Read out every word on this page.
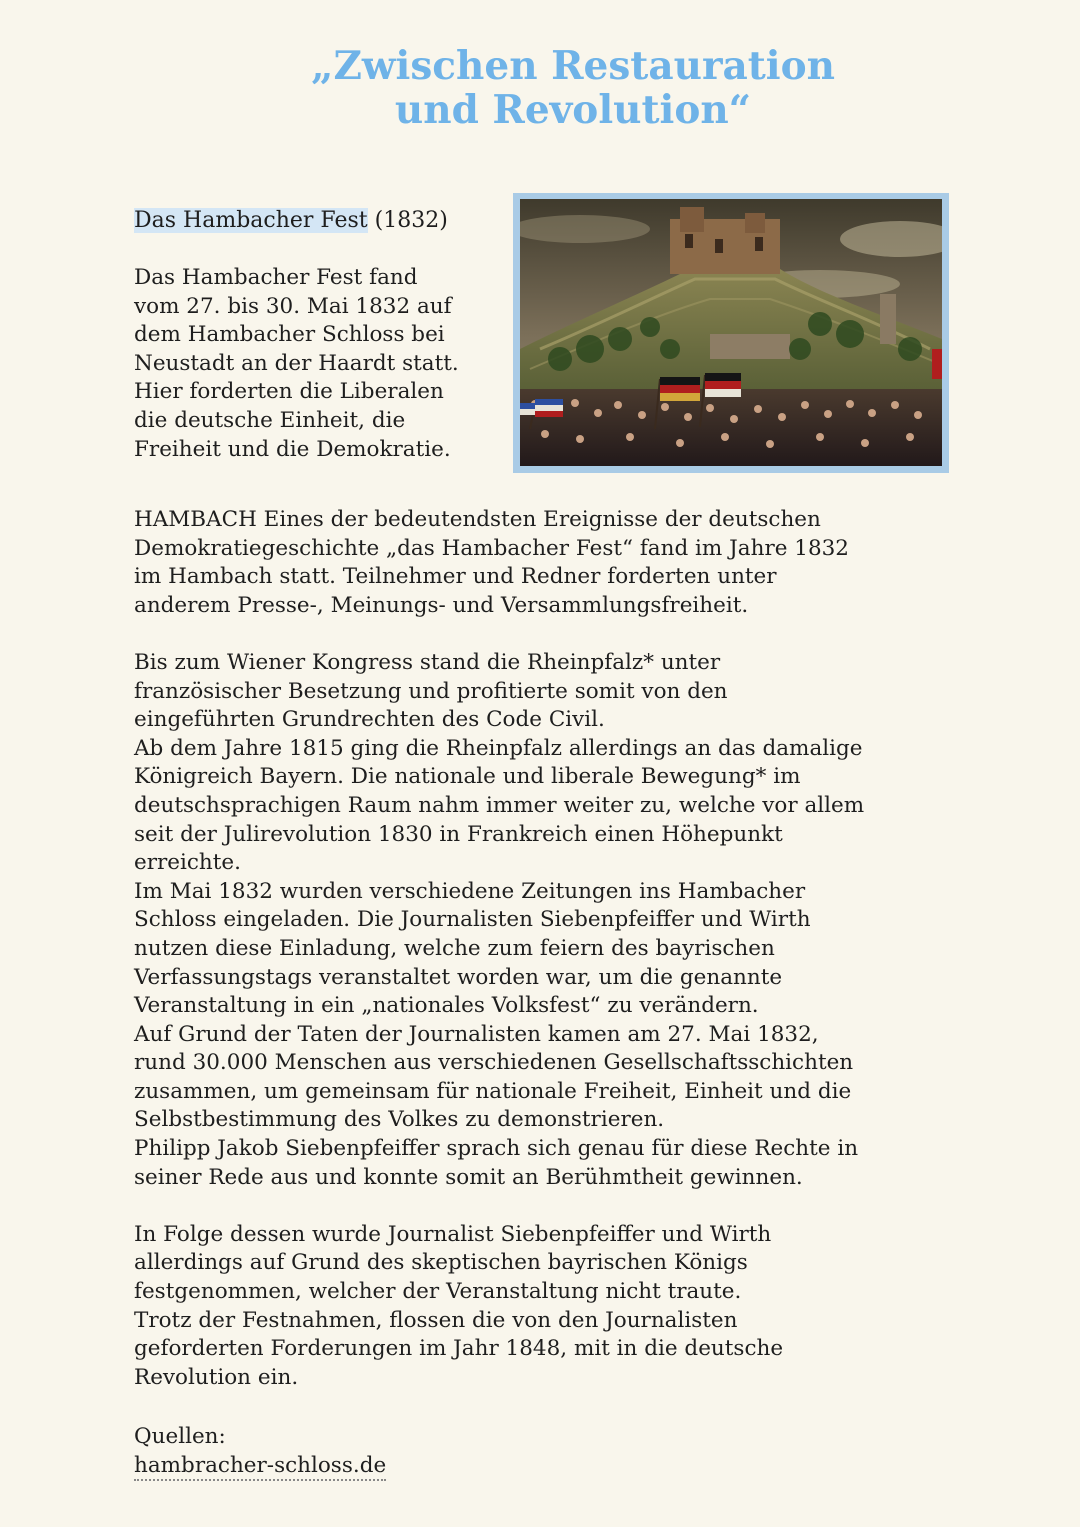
„Zwischen Restauration
und Revolution“
Das Hambacher Fest (1832)
Das Hambacher Fest fand
vom 27. bis 30. Mai 1832 auf
dem Hambacher Schloss bei
Neustadt an der Haardt statt.
Hier forderten die Liberalen
die deutsche Einheit, die
Freiheit und die Demokratie.
HAMBACH Eines der bedeutendsten Ereignisse der deutschen
Demokratiegeschichte „das Hambacher Fest“ fand im Jahre 1832
im Hambach statt. Teilnehmer und Redner forderten unter
anderem Presse-, Meinungs- und Versammlungsfreiheit.
Bis zum Wiener Kongress stand die Rheinpfalz* unter
französischer Besetzung und profitierte somit von den
eingeführten Grundrechten des Code Civil.
Ab dem Jahre 1815 ging die Rheinpfalz allerdings an das damalige
Königreich Bayern. Die nationale und liberale Bewegung* im
deutschsprachigen Raum nahm immer weiter zu, welche vor allem
seit der Julirevolution 1830 in Frankreich einen Höhepunkt
erreichte.
Im Mai 1832 wurden verschiedene Zeitungen ins Hambacher
Schloss eingeladen. Die Journalisten Siebenpfeiffer und Wirth
nutzen diese Einladung, welche zum feiern des bayrischen
Verfassungstags veranstaltet worden war, um die genannte
Veranstaltung in ein „nationales Volksfest“ zu verändern.
Auf Grund der Taten der Journalisten kamen am 27. Mai 1832,
rund 30.000 Menschen aus verschiedenen Gesellschaftsschichten
zusammen, um gemeinsam für nationale Freiheit, Einheit und die
Selbstbestimmung des Volkes zu demonstrieren.
Philipp Jakob Siebenpfeiffer sprach sich genau für diese Rechte in
seiner Rede aus und konnte somit an Berühmtheit gewinnen.
In Folge dessen wurde Journalist Siebenpfeiffer und Wirth
allerdings auf Grund des skeptischen bayrischen Königs
festgenommen, welcher der Veranstaltung nicht traute.
Trotz der Festnahmen, flossen die von den Journalisten
geforderten Forderungen im Jahr 1848, mit in die deutsche
Revolution ein.
Quellen:
hambracher-schloss.de
